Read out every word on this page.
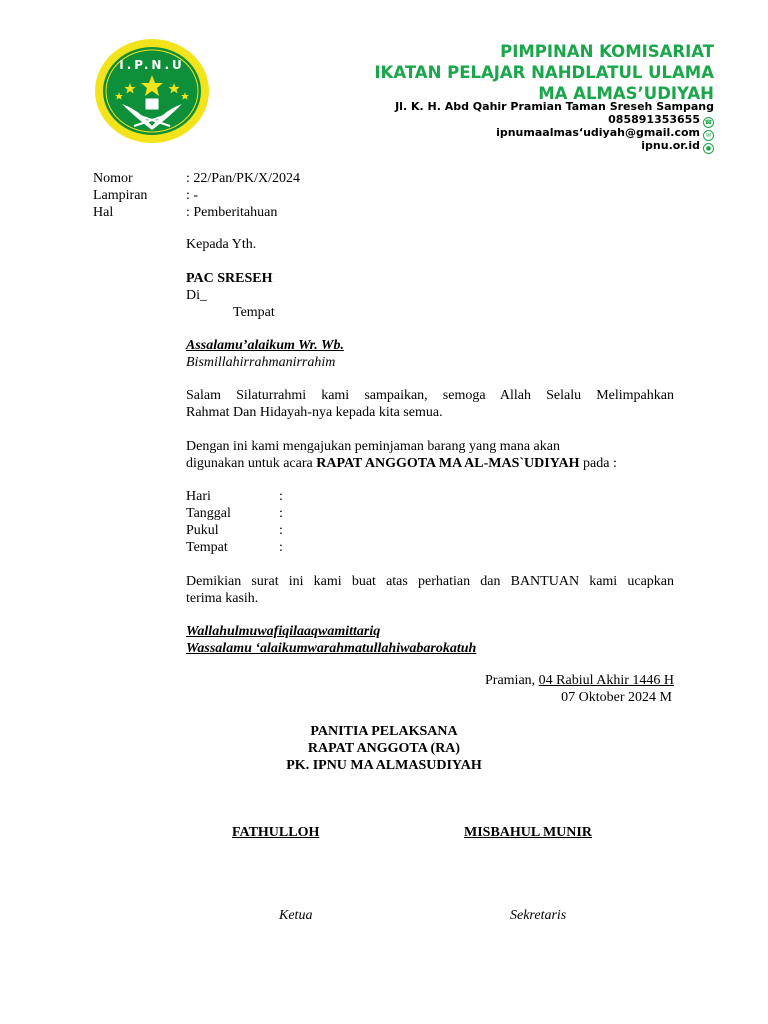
I.P.N.U
PIMPINAN KOMISARIAT
IKATAN PELAJAR NAHDLATUL ULAMA
MA ALMAS’UDIYAH
Jl. K. H. Abd Qahir Pramian Taman Sreseh Sampang
085891353655 ☎
ipnumaalmas‘udiyah@gmail.com ✉
ipnu.or.id ●
Nomor	: 22/Pan/PK/X/2024
Lampiran	: -
Hal	: Pemberitahuan
Kepada Yth.
PAC SRESEH
Di_
Tempat
Assalamu’alaikum Wr. Wb.
Bismillahirrahmanirrahim
Salam Silaturrahmi kami sampaikan, semoga Allah Selalu Melimpahkan
Rahmat Dan Hidayah-nya kepada kita semua.
Dengan ini kami mengajukan peminjaman barang yang mana akan
digunakan untuk acara RAPAT ANGGOTA MA AL-MAS`UDIYAH pada :
Hari	:
Tanggal	:
Pukul	:
Tempat	:
Demikian surat ini kami buat atas perhatian dan BANTUAN kami ucapkan
terima kasih.
Wallahulmuwafiqilaaqwamittariq
Wassalamu ‘alaikumwarahmatullahiwabarokatuh
Pramian, 04 Rabiul Akhir 1446 H
07 Oktober 2024 M
PANITIA PELAKSANA
RAPAT ANGGOTA (RA)
PK. IPNU MA ALMASUDIYAH
FATHULLOH	MISBAHUL MUNIR
Ketua	Sekretaris
